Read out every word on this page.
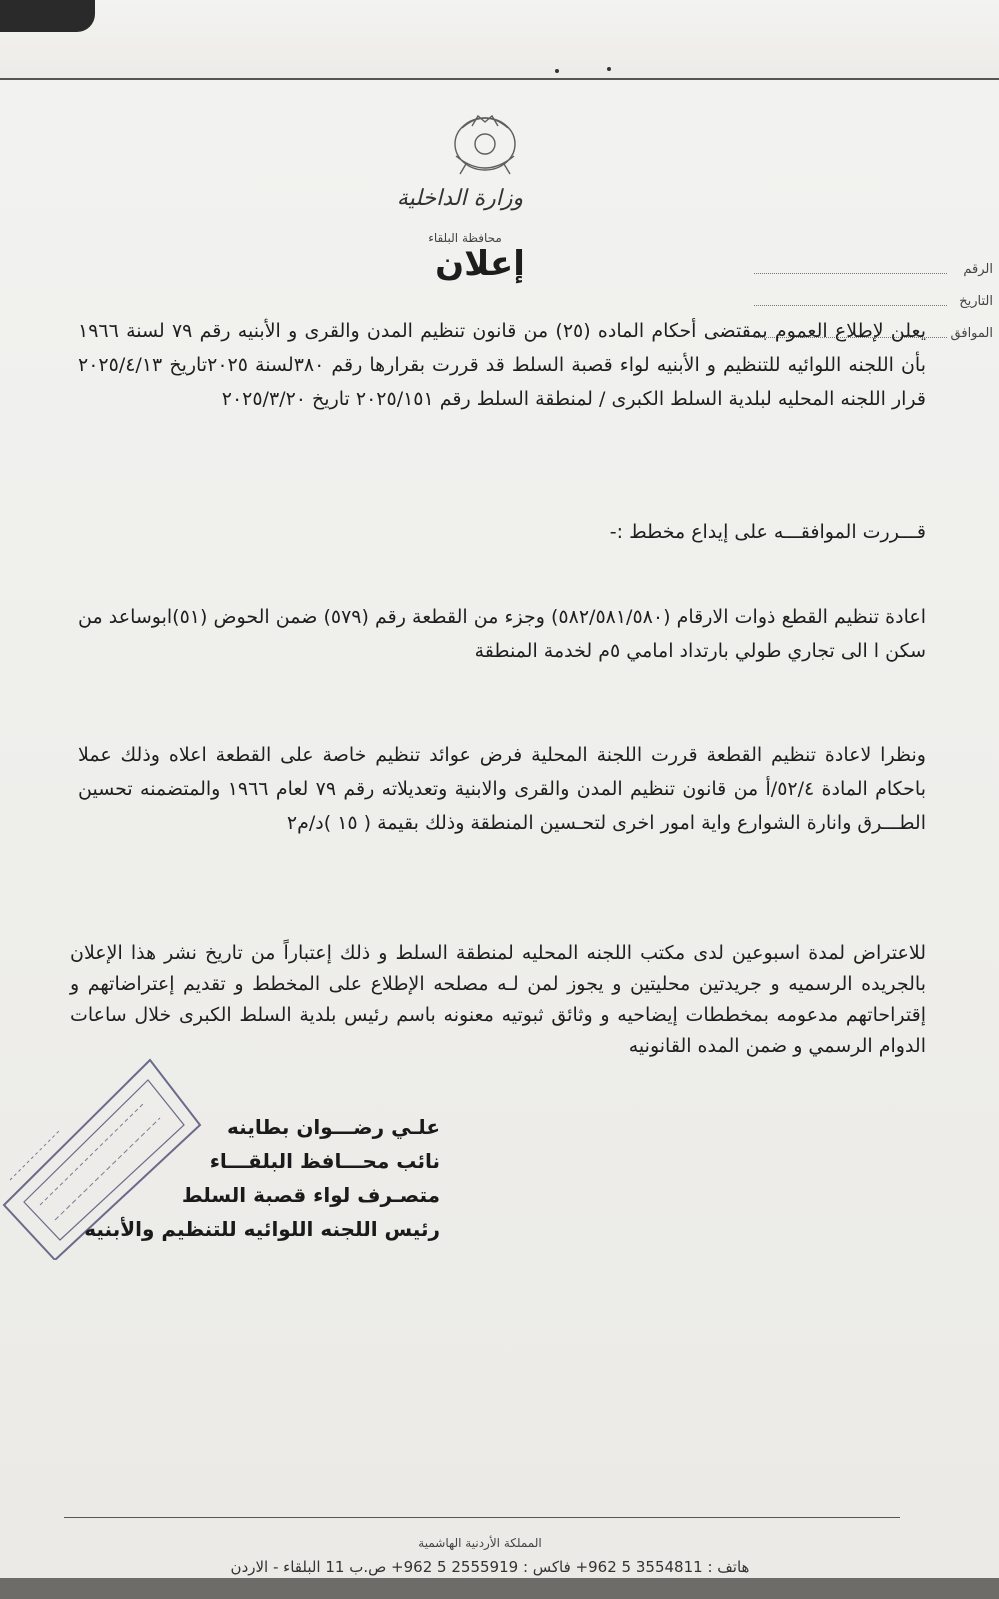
وزارة الداخلية
محافظة البلقاء
إعلان	الرقم
التاريخ
الموافق

يعلن لإطلاع العموم بمقتضى أحكام الماده (٢٥) من قانون تنظيم المدن والقرى و الأبنيه رقم ٧٩ لسنة ١٩٦٦ بأن اللجنه اللوائيه للتنظيم و الأبنيه لواء قصبة السلط قد قررت بقرارها رقم ٣٨٠لسنة ٢٠٢٥تاريخ ٢٠٢٥/٤/١٣ قرار اللجنه المحليه لبلدية السلط الكبرى / لمنطقة السلط رقم ٢٠٢٥/١٥١ تاريخ ٢٠٢٥/٣/٢٠

قـــررت الموافقـــه على إيداع مخطط :-

اعادة تنظيم القطع ذوات الارقام (٥٨٢/٥٨١/٥٨٠) وجزء من القطعة رقم (٥٧٩) ضمن الحوض (٥١)ابوساعد من سكن ا الى تجاري طولي بارتداد امامي ٥م لخدمة المنطقة

ونظرا لاعادة تنظيم القطعة قررت اللجنة المحلية فرض عوائد تنظيم خاصة على القطعة اعلاه وذلك عملا باحكام المادة ٥٢/٤/أ من قانون تنظيم المدن والقرى والابنية وتعديلاته رقم ٧٩ لعام ١٩٦٦ والمتضمنه تحسين الطـــرق وانارة الشوارع واية امور اخرى لتحـسين المنطقة وذلك بقيمة ( ١٥ )د/م٢

للاعتراض لمدة اسبوعين لدى مكتب اللجنه المحليه لمنطقة السلط و ذلك إعتباراً من تاريخ نشر هذا الإعلان بالجريده الرسميه و جريدتين محليتين و يجوز لمن لـه مصلحه الإطلاع على المخطط و تقديم إعتراضاتهم و إقتراحاتهم مدعومه بمخططات إيضاحيه و وثائق ثبوتيه معنونه باسم رئيس بلدية السلط الكبرى خلال ساعات الدوام الرسمي و ضمن المده القانونيه

علـي رضـــوان بطاينه
نائب محـــافظ البلقـــاء
متصـرف لواء قصبة السلط
رئيس اللجنه اللوائيه للتنظيم والأبنيه
المملكة الأردنية الهاشمية
هاتف : 3554811 5 962+ فاكس : 2555919 5 962+ ص.ب 11 البلقاء - الاردن
